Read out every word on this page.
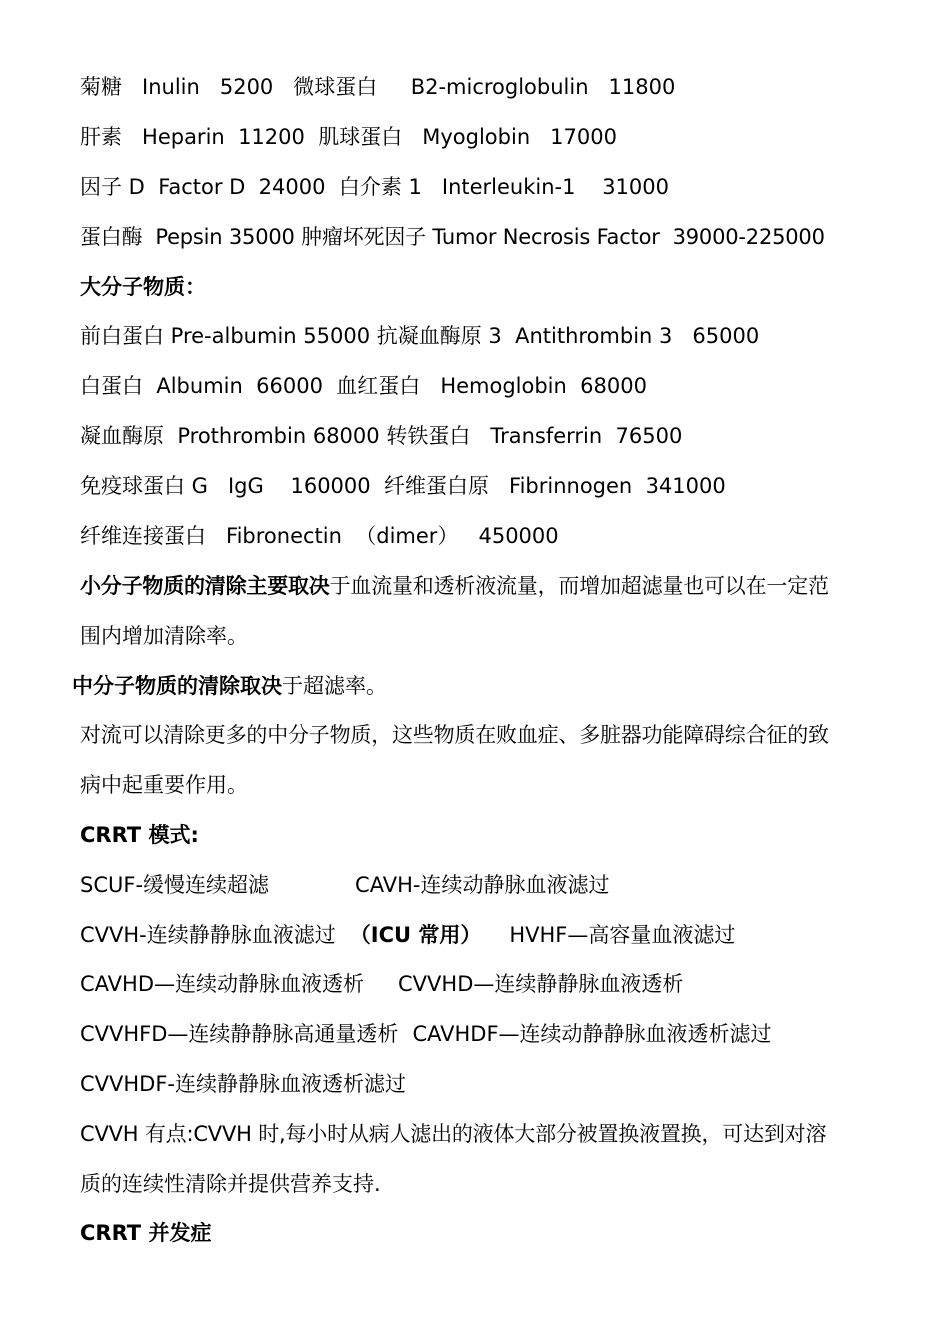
菊糖   Inulin   5200   微球蛋白     B2-microglobulin   11800
肝素   Heparin  11200  肌球蛋白   Myoglobin   17000
因子 D  Factor D  24000  白介素 1   Interleukin-1    31000
蛋白酶  Pepsin 35000 肿瘤坏死因子 Tumor Necrosis Factor  39000-225000
大分子物质：
前白蛋白 Pre-albumin 55000 抗凝血酶原 3  Antithrombin 3   65000
白蛋白  Albumin  66000  血红蛋白   Hemoglobin  68000
凝血酶原  Prothrombin 68000 转铁蛋白   Transferrin  76500
免疫球蛋白 G   IgG    160000  纤维蛋白原   Fibrinnogen  341000
纤维连接蛋白   Fibronectin  （dimer）   450000
小分子物质的清除主要取决于血流量和透析液流量，而增加超滤量也可以在一定范
围内增加清除率。
中分子物质的清除取决于超滤率。
对流可以清除更多的中分子物质，这些物质在败血症、多脏器功能障碍综合征的致
病中起重要作用。
CRRT 模式:
SCUF-缓慢连续超滤	CAVH-连续动静脉血液滤过
CVVH-连续静静脉血液滤过 （ICU 常用） HVHF—高容量血液滤过
CAVHD—连续动静脉血液透析 CVVHD—连续静静脉血液透析
CVVHFD—连续静静脉高通量透析 CAVHDF—连续动静静脉血液透析滤过
CVVHDF-连续静静脉血液透析滤过
CVVH 有点:CVVH 时,每小时从病人滤出的液体大部分被置换液置换，可达到对溶
质的连续性清除并提供营养支持.
CRRT 并发症
